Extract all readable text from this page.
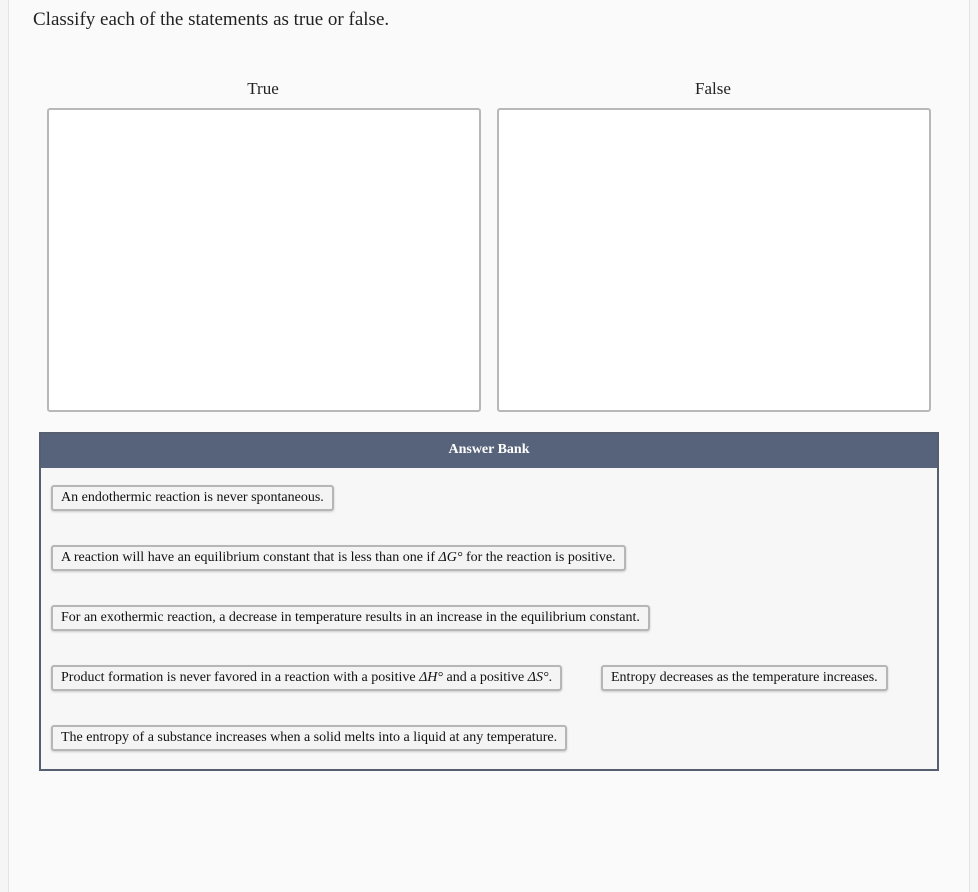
Classify each of the statements as true or false.
True	False
Answer Bank
An endothermic reaction is never spontaneous.
A reaction will have an equilibrium constant that is less than one if ΔG° for the reaction is positive.
For an exothermic reaction, a decrease in temperature results in an increase in the equilibrium constant.
Product formation is never favored in a reaction with a positive ΔH° and a positive ΔS°.	Entropy decreases as the temperature increases.
The entropy of a substance increases when a solid melts into a liquid at any temperature.
